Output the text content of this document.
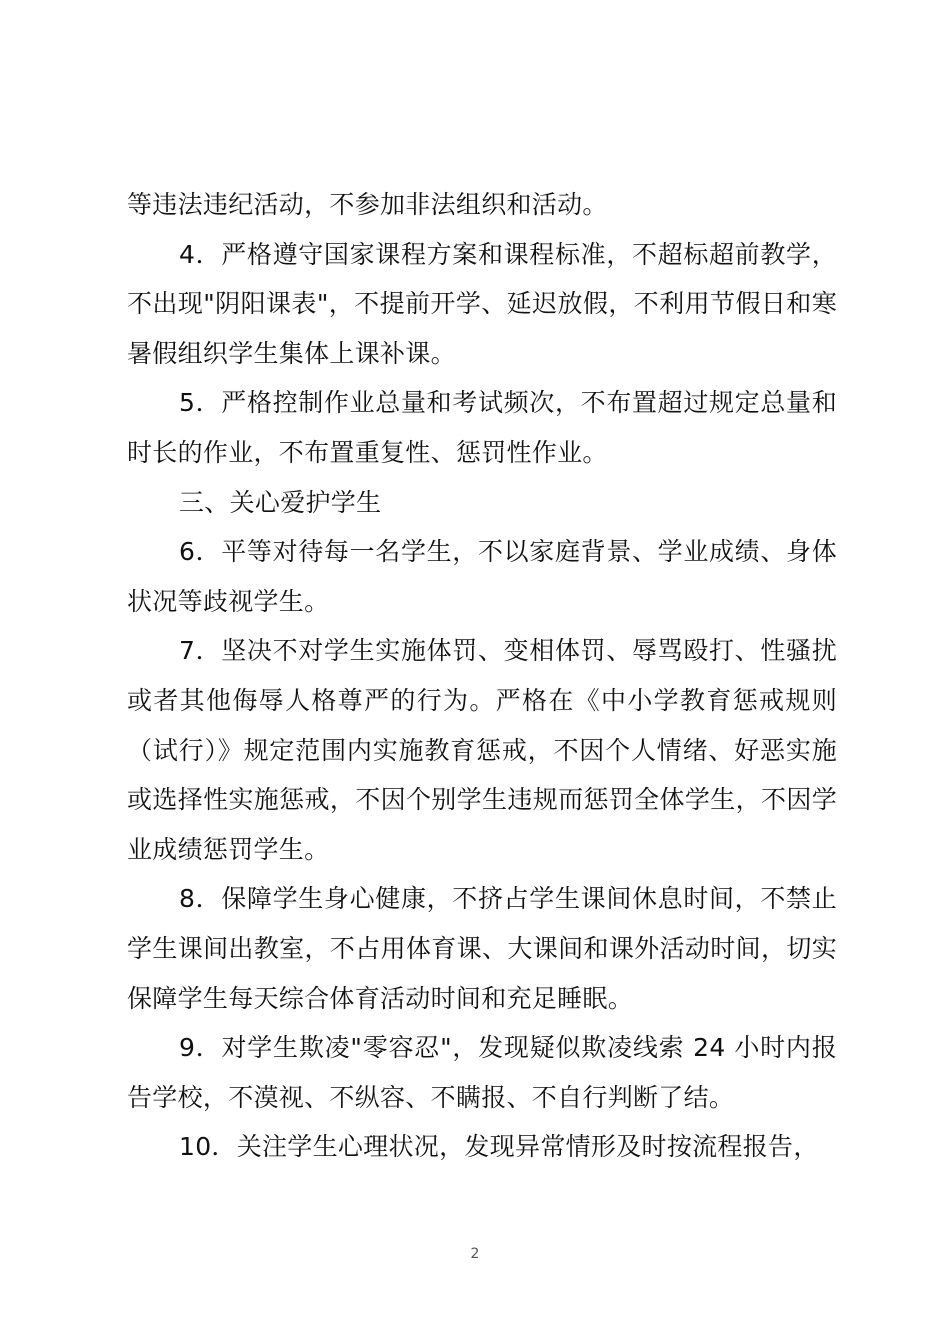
等违法违纪活动，不参加非法组织和活动。

4．严格遵守国家课程方案和课程标准，不超标超前教学，不出现"阴阳课表"，不提前开学、延迟放假，不利用节假日和寒暑假组织学生集体上课补课。

5．严格控制作业总量和考试频次，不布置超过规定总量和时长的作业，不布置重复性、惩罚性作业。

三、关心爱护学生

6．平等对待每一名学生，不以家庭背景、学业成绩、身体状况等歧视学生。

7．坚决不对学生实施体罚、变相体罚、辱骂殴打、性骚扰或者其他侮辱人格尊严的行为。严格在《中小学教育惩戒规则（试行）》规定范围内实施教育惩戒，不因个人情绪、好恶实施或选择性实施惩戒，不因个别学生违规而惩罚全体学生，不因学业成绩惩罚学生。

8．保障学生身心健康，不挤占学生课间休息时间，不禁止学生课间出教室，不占用体育课、大课间和课外活动时间，切实保障学生每天综合体育活动时间和充足睡眠。

9．对学生欺凌"零容忍"，发现疑似欺凌线索 24 小时内报告学校，不漠视、不纵容、不瞒报、不自行判断了结。

10．关注学生心理状况，发现异常情形及时按流程报告，

2
